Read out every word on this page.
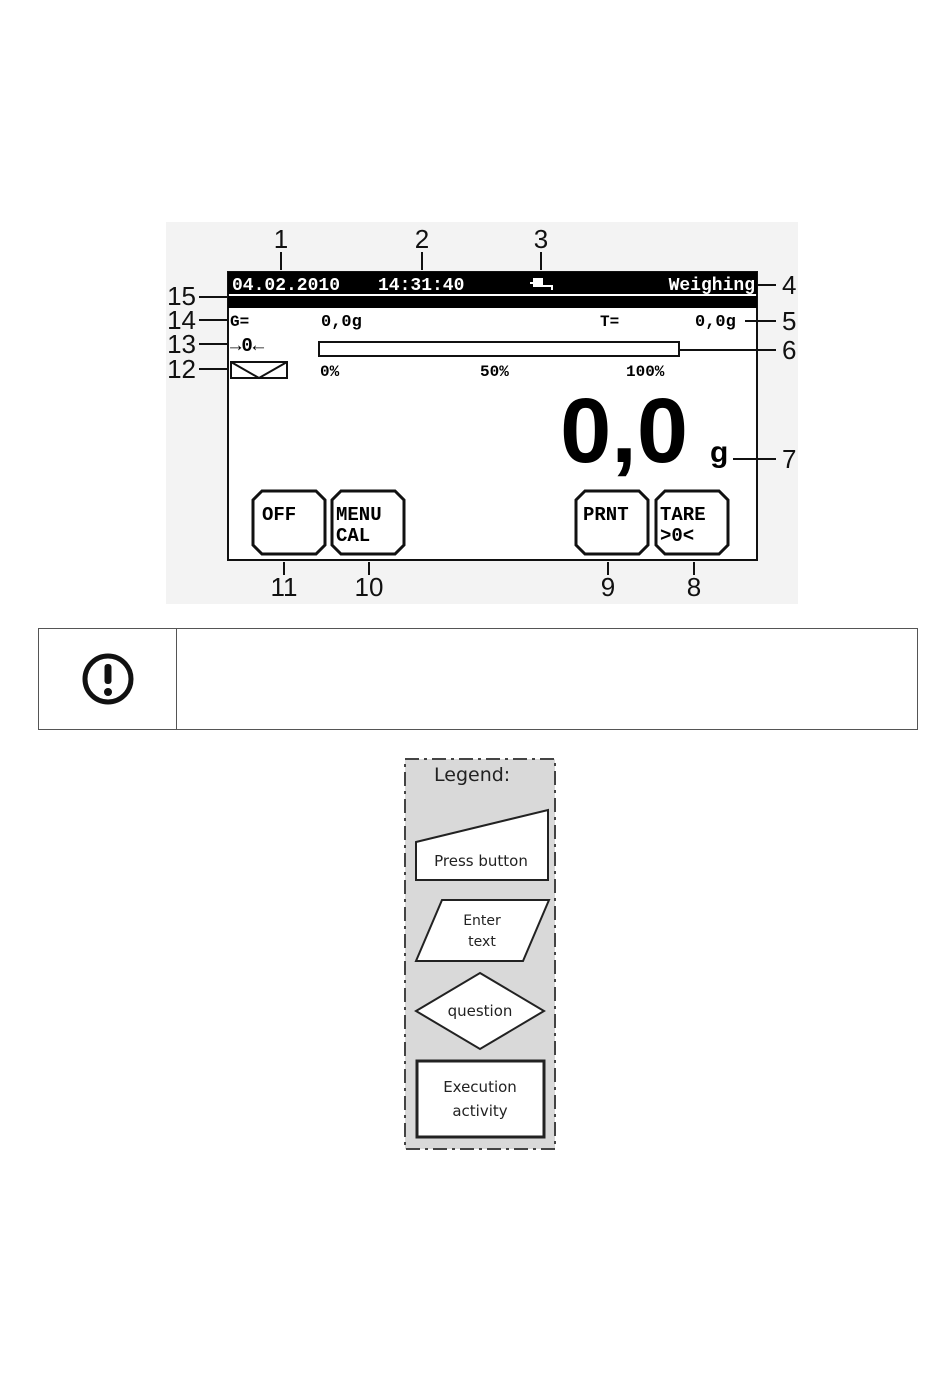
04.02.2010 14:31:40	Weighing
G=	0,0g	T=	0,0g
→0←
0%	50%	100%
0,0 g
OFF MENU
CAL
PRNT TARE
>0<
1	2	3
4
5
6
7
8
9
10
11
12
13
14
15
Legend:
Press button
Enter
text
question
Execution
activity
